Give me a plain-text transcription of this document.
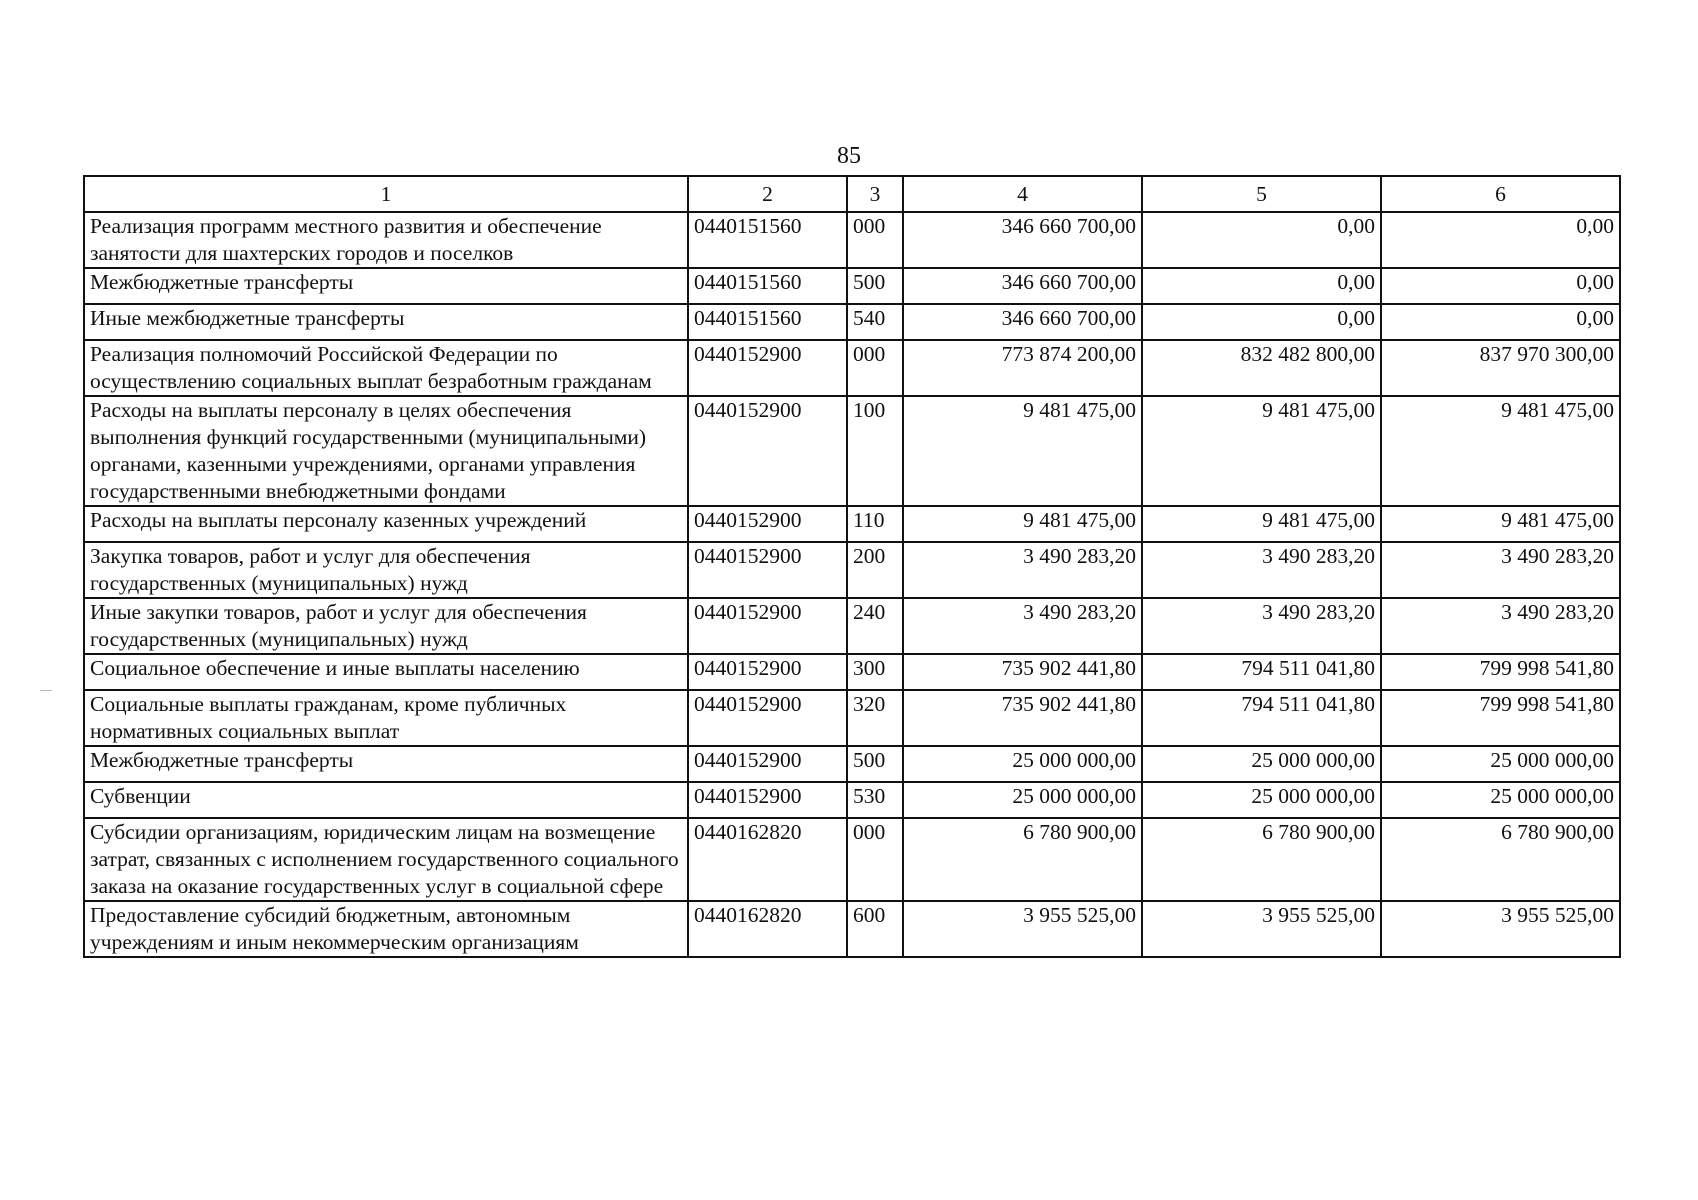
85
1	2	3	4	5	6
Реализация программ местного развития и обеспечение занятости для шахтерских городов и поселков	0440151560	000	346 660 700,00	0,00	0,00
Межбюджетные трансферты	0440151560	500	346 660 700,00	0,00	0,00
Иные межбюджетные трансферты	0440151560	540	346 660 700,00	0,00	0,00
Реализация полномочий Российской Федерации по осуществлению социальных выплат безработным гражданам	0440152900	000	773 874 200,00	832 482 800,00	837 970 300,00
Расходы на выплаты персоналу в целях обеспечения выполнения функций государственными (муниципальными) органами, казенными учреждениями, органами управления государственными внебюджетными фондами	0440152900	100	9 481 475,00	9 481 475,00	9 481 475,00
Расходы на выплаты персоналу казенных учреждений	0440152900	110	9 481 475,00	9 481 475,00	9 481 475,00
Закупка товаров, работ и услуг для обеспечения государственных (муниципальных) нужд	0440152900	200	3 490 283,20	3 490 283,20	3 490 283,20
Иные закупки товаров, работ и услуг для обеспечения государственных (муниципальных) нужд	0440152900	240	3 490 283,20	3 490 283,20	3 490 283,20
Социальное обеспечение и иные выплаты населению	0440152900	300	735 902 441,80	794 511 041,80	799 998 541,80
Социальные выплаты гражданам, кроме публичных нормативных социальных выплат	0440152900	320	735 902 441,80	794 511 041,80	799 998 541,80
Межбюджетные трансферты	0440152900	500	25 000 000,00	25 000 000,00	25 000 000,00
Субвенции	0440152900	530	25 000 000,00	25 000 000,00	25 000 000,00
Субсидии организациям, юридическим лицам на возмещение затрат, связанных с исполнением государственного социального заказа на оказание государственных услуг в социальной сфере	0440162820	000	6 780 900,00	6 780 900,00	6 780 900,00
Предоставление субсидий бюджетным, автономным учреждениям и иным некоммерческим организациям	0440162820	600	3 955 525,00	3 955 525,00	3 955 525,00
